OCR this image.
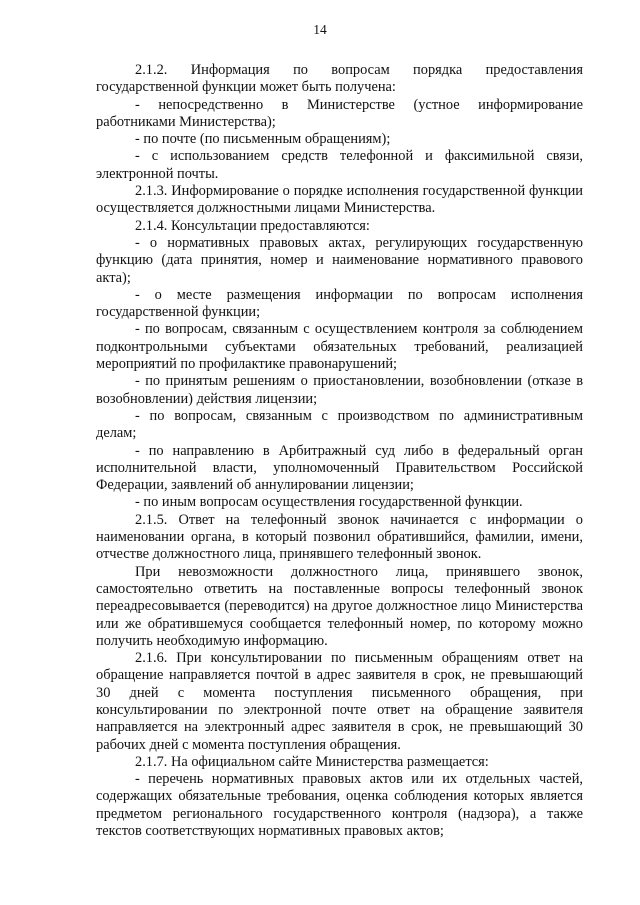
14

2.1.2. Информация по вопросам порядка предоставления государственной функции может быть получена:

- непосредственно в Министерстве (устное информирование работниками Министерства);

- по почте (по письменным обращениям);

- с использованием средств телефонной и факсимильной связи, электронной почты.

2.1.3. Информирование о порядке исполнения государственной функции осуществляется должностными лицами Министерства.

2.1.4. Консультации предоставляются:

- о нормативных правовых актах, регулирующих государственную функцию (дата принятия, номер и наименование нормативного правового акта);

- о месте размещения информации по вопросам исполнения государственной функции;

- по вопросам, связанным с осуществлением контроля за соблюдением подконтрольными субъектами обязательных требований, реализацией мероприятий по профилактике правонарушений;

- по принятым решениям о приостановлении, возобновлении (отказе в возобновлении) действия лицензии;

- по вопросам, связанным с производством по административным делам;

- по направлению в Арбитражный суд либо в федеральный орган исполнительной власти, уполномоченный Правительством Российской Федерации, заявлений об аннулировании лицензии;

- по иным вопросам осуществления государственной функции.

2.1.5. Ответ на телефонный звонок начинается с информации о наименовании органа, в который позвонил обратившийся, фамилии, имени, отчестве должностного лица, принявшего телефонный звонок.

При невозможности должностного лица, принявшего звонок, самостоятельно ответить на поставленные вопросы телефонный звонок переадресовывается (переводится) на другое должностное лицо Министерства или же обратившемуся сообщается телефонный номер, по которому можно получить необходимую информацию.

2.1.6. При консультировании по письменным обращениям ответ на обращение направляется почтой в адрес заявителя в срок, не превышающий 30 дней с момента поступления письменного обращения, при консультировании по электронной почте ответ на обращение заявителя направляется на электронный адрес заявителя в срок, не превышающий 30 рабочих дней с момента поступления обращения.

2.1.7. На официальном сайте Министерства размещается:

- перечень нормативных правовых актов или их отдельных частей, содержащих обязательные требования, оценка соблюдения которых является предметом регионального государственного контроля (надзора), а также текстов соответствующих нормативных правовых актов;
